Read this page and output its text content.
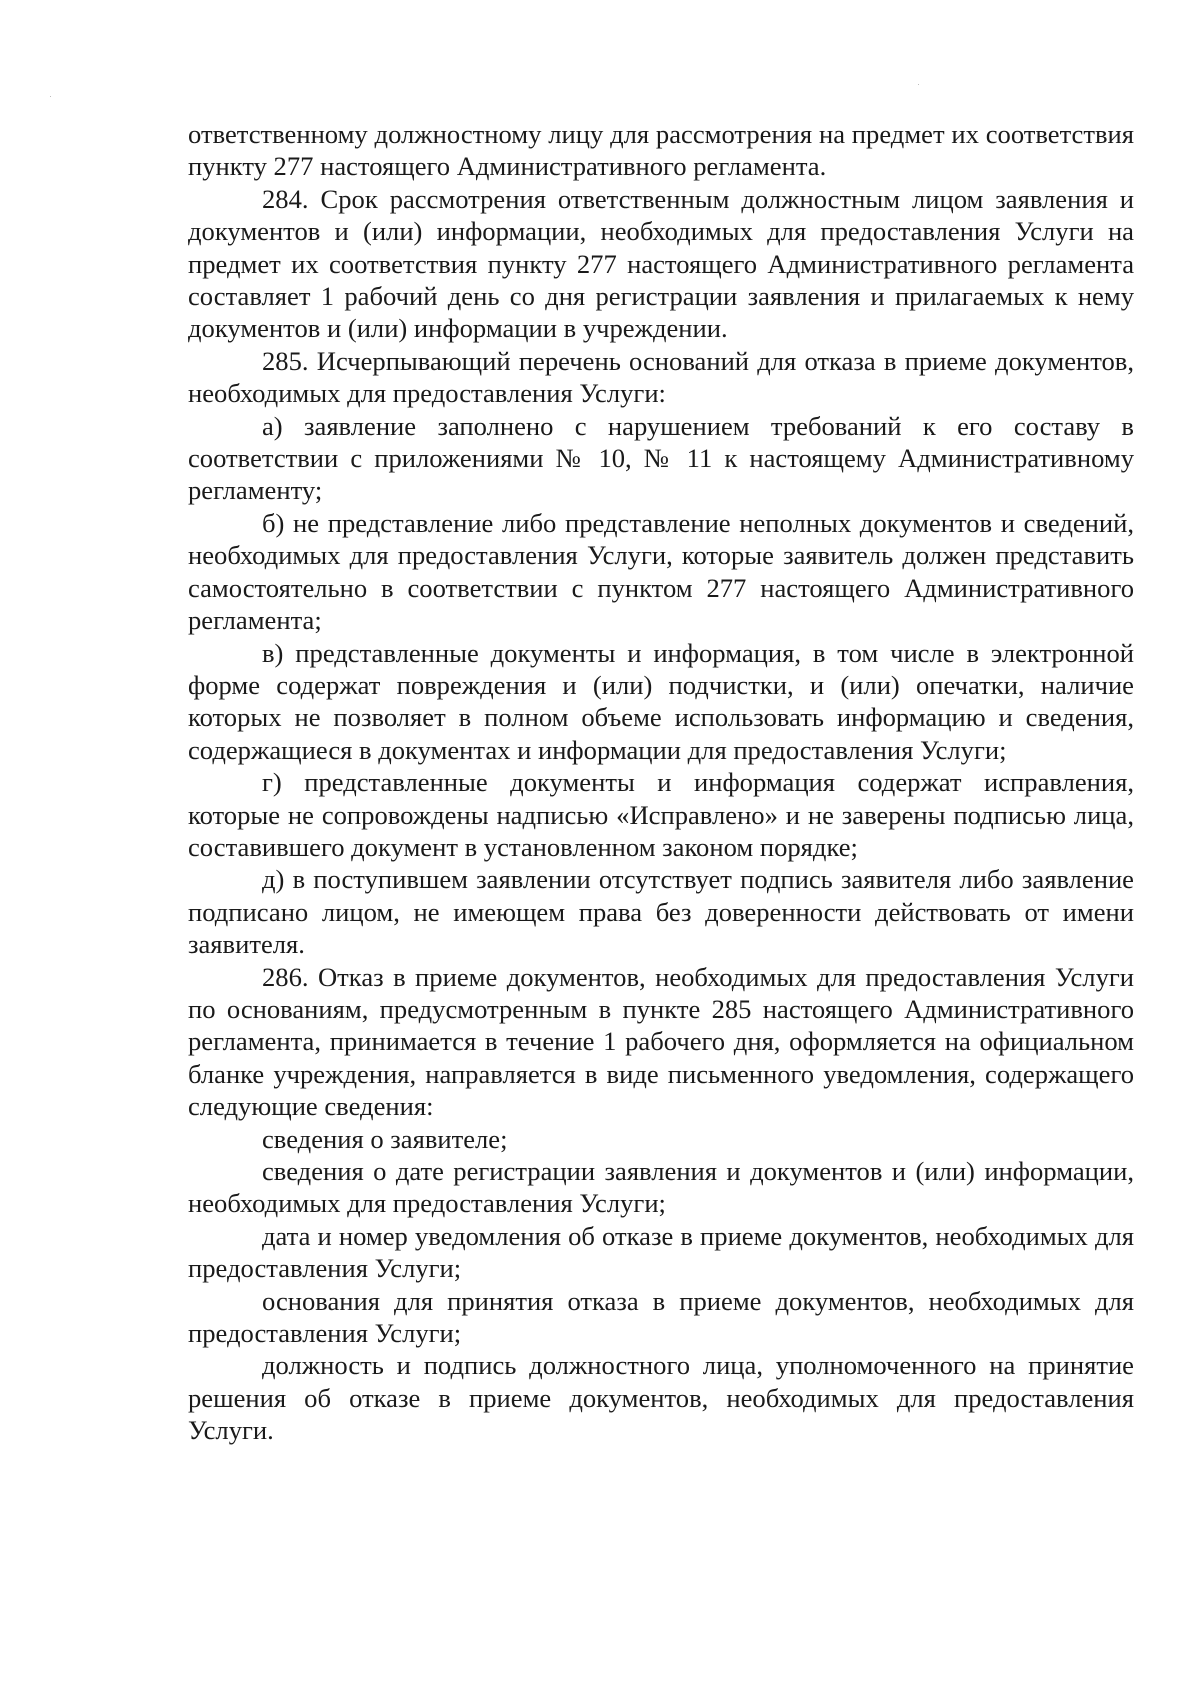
ответственному должностному лицу для рассмотрения на предмет их соответствия пункту 277 настоящего Административного регламента.

284. Срок рассмотрения ответственным должностным лицом заявления и документов и (или) информации, необходимых для предоставления Услуги на предмет их соответствия пункту 277 настоящего Административного регламента составляет 1 рабочий день со дня регистрации заявления и прилагаемых к нему документов и (или) информации в учреждении.

285. Исчерпывающий перечень оснований для отказа в приеме документов, необходимых для предоставления Услуги:

а) заявление заполнено с нарушением требований к его составу в соответствии с приложениями № 10, № 11 к настоящему Административному регламенту;

б) не представление либо представление неполных документов и сведений, необходимых для предоставления Услуги, которые заявитель должен представить самостоятельно в соответствии с пунктом 277 настоящего Административного регламента;

в) представленные документы и информация, в том числе в электронной форме содержат повреждения и (или) подчистки, и (или) опечатки, наличие которых не позволяет в полном объеме использовать информацию и сведения, содержащиеся в документах и информации для предоставления Услуги;

г) представленные документы и информация содержат исправления, которые не сопровождены надписью «Исправлено» и не заверены подписью лица, составившего документ в установленном законом порядке;

д) в поступившем заявлении отсутствует подпись заявителя либо заявление подписано лицом, не имеющем права без доверенности действовать от имени заявителя.

286. Отказ в приеме документов, необходимых для предоставления Услуги по основаниям, предусмотренным в пункте 285 настоящего Административного регламента, принимается в течение 1 рабочего дня, оформляется на официальном бланке учреждения, направляется в виде письменного уведомления, содержащего следующие сведения:

сведения о заявителе;

сведения о дате регистрации заявления и документов и (или) информации, необходимых для предоставления Услуги;

дата и номер уведомления об отказе в приеме документов, необходимых для предоставления Услуги;

основания для принятия отказа в приеме документов, необходимых для предоставления Услуги;

должность и подпись должностного лица, уполномоченного на принятие решения об отказе в приеме документов, необходимых для предоставления Услуги.
